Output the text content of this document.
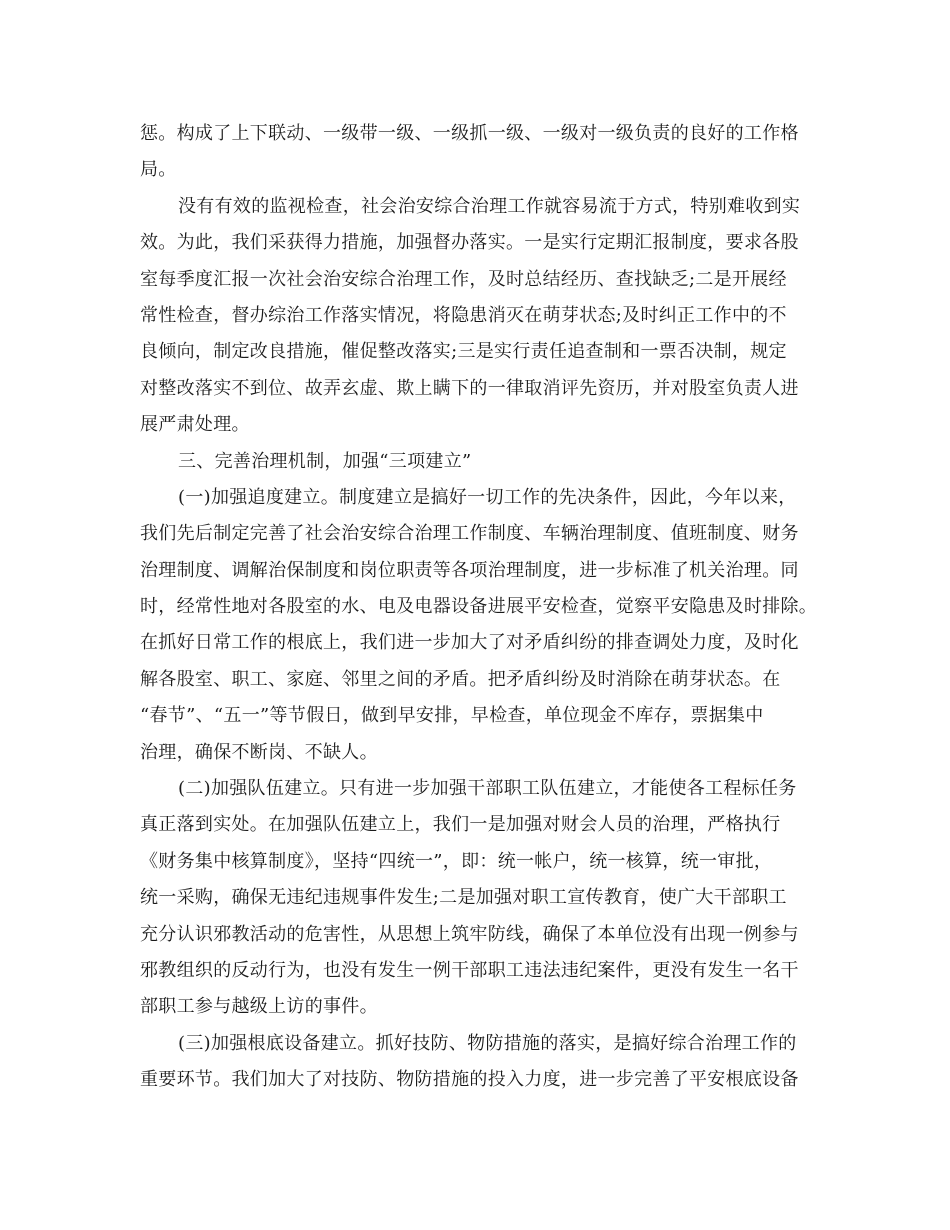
惩。构成了上下联动、一级带一级、一级抓一级、一级对一级负责的良好的工作格
局。
没有有效的监视检查，社会治安综合治理工作就容易流于方式，特别难收到实
效。为此，我们采获得力措施，加强督办落实。一是实行定期汇报制度，要求各股
室每季度汇报一次社会治安综合治理工作，及时总结经历、查找缺乏;二是开展经
常性检查，督办综治工作落实情况，将隐患消灭在萌芽状态;及时纠正工作中的不
良倾向，制定改良措施，催促整改落实;三是实行责任追查制和一票否决制，规定
对整改落实不到位、故弄玄虚、欺上瞒下的一律取消评先资历，并对股室负责人进
展严肃处理。
三、完善治理机制，加强“三项建立”
(一)加强追度建立。制度建立是搞好一切工作的先决条件，因此，今年以来，
我们先后制定完善了社会治安综合治理工作制度、车辆治理制度、值班制度、财务
治理制度、调解治保制度和岗位职责等各项治理制度，进一步标准了机关治理。同
时，经常性地对各股室的水、电及电器设备进展平安检查，觉察平安隐患及时排除。
在抓好日常工作的根底上，我们进一步加大了对矛盾纠纷的排查调处力度，及时化
解各股室、职工、家庭、邻里之间的矛盾。把矛盾纠纷及时消除在萌芽状态。在
“春节”、“五一”等节假日，做到早安排，早检查，单位现金不库存，票据集中
治理，确保不断岗、不缺人。
(二)加强队伍建立。只有进一步加强干部职工队伍建立，才能使各工程标任务
真正落到实处。在加强队伍建立上，我们一是加强对财会人员的治理，严格执行
《财务集中核算制度》，坚持“四统一”，即：统一帐户，统一核算，统一审批，
统一采购，确保无违纪违规事件发生;二是加强对职工宣传教育，使广大干部职工
充分认识邪教活动的危害性，从思想上筑牢防线，确保了本单位没有出现一例参与
邪教组织的反动行为，也没有发生一例干部职工违法违纪案件，更没有发生一名干
部职工参与越级上访的事件。
(三)加强根底设备建立。抓好技防、物防措施的落实，是搞好综合治理工作的
重要环节。我们加大了对技防、物防措施的投入力度，进一步完善了平安根底设备
